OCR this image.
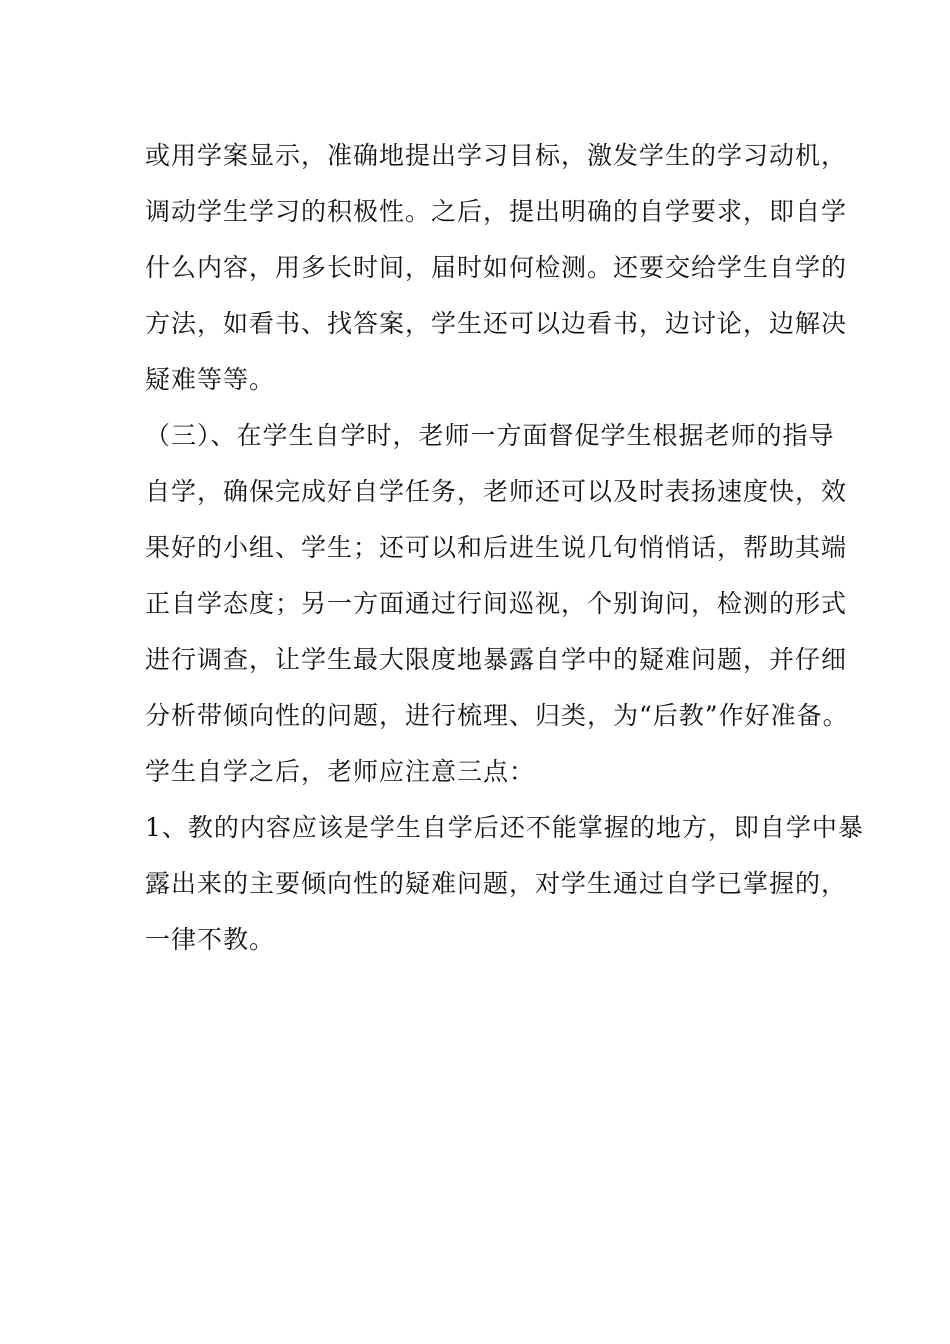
或用学案显示，准确地提出学习目标，激发学生的学习动机，
调动学生学习的积极性。之后，提出明确的自学要求，即自学
什么内容，用多长时间，届时如何检测。还要交给学生自学的
方法，如看书、找答案，学生还可以边看书，边讨论，边解决
疑难等等。
（三）、在学生自学时，老师一方面督促学生根据老师的指导
自学，确保完成好自学任务，老师还可以及时表扬速度快，效
果好的小组、学生；还可以和后进生说几句悄悄话，帮助其端
正自学态度；另一方面通过行间巡视，个别询问，检测的形式
进行调查，让学生最大限度地暴露自学中的疑难问题，并仔细
分析带倾向性的问题，进行梳理、归类，为“后教”作好准备。
学生自学之后，老师应注意三点：
1、教的内容应该是学生自学后还不能掌握的地方，即自学中暴
露出来的主要倾向性的疑难问题，对学生通过自学已掌握的，
一律不教。
